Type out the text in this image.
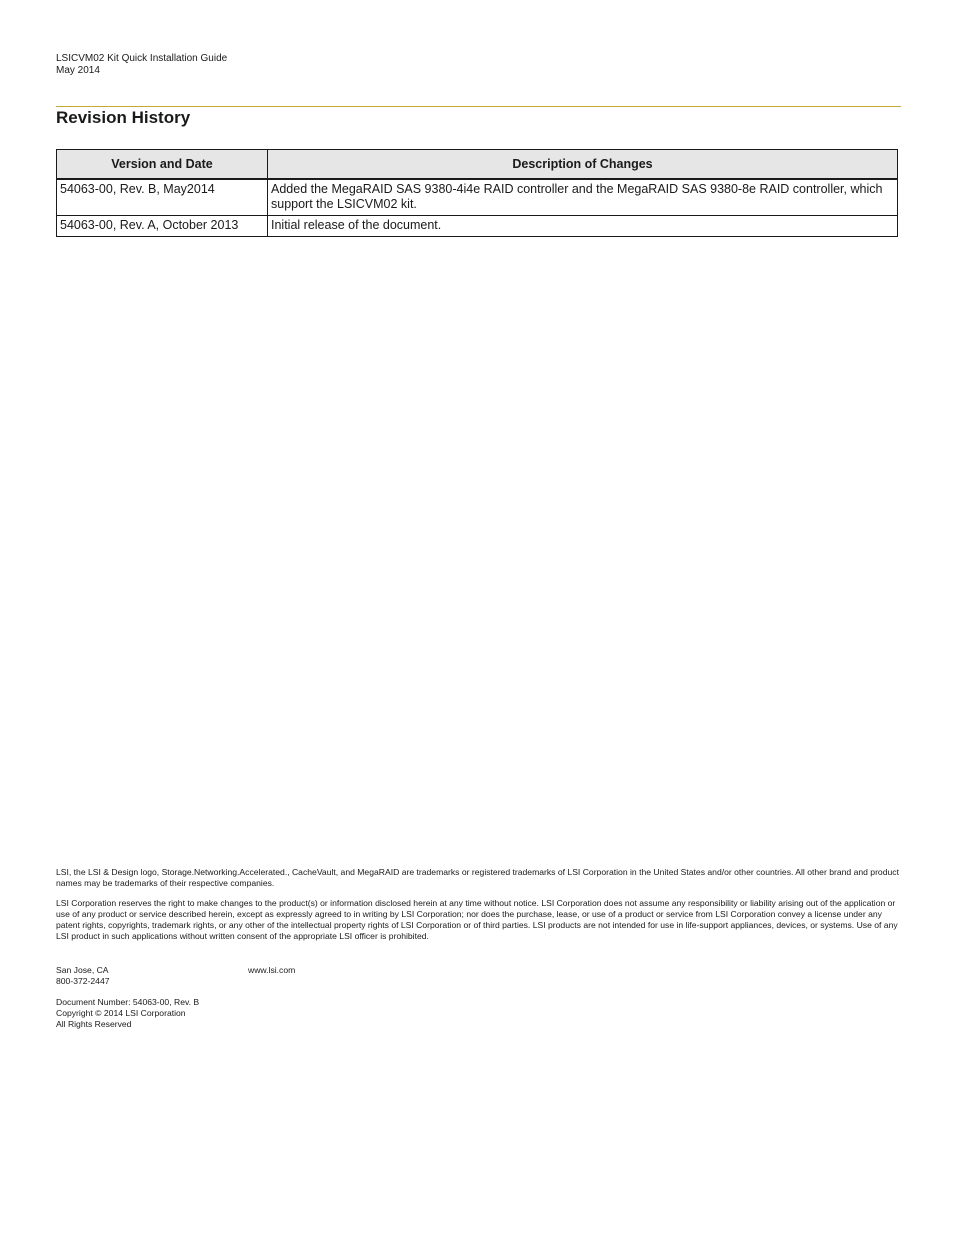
LSICVM02 Kit Quick Installation Guide
May 2014
Revision History
Version and Date	Description of Changes
54063-00, Rev. B, May2014	Added the MegaRAID SAS 9380-4i4e RAID controller and the MegaRAID SAS 9380-8e RAID controller, which support the LSICVM02 kit.
54063-00, Rev. A, October 2013	Initial release of the document.

LSI, the LSI & Design logo, Storage.Networking.Accelerated., CacheVault, and MegaRAID are trademarks or registered trademarks of LSI Corporation in the United States and/or other countries. All other brand and product names may be trademarks of their respective companies.

LSI Corporation reserves the right to make changes to the product(s) or information disclosed herein at any time without notice. LSI Corporation does not assume any responsibility or liability arising out of the application or use of any product or service described herein, except as expressly agreed to in writing by LSI Corporation; nor does the purchase, lease, or use of a product or service from LSI Corporation convey a license under any patent rights, copyrights, trademark rights, or any other of the intellectual property rights of LSI Corporation or of third parties. LSI products are not intended for use in life-support appliances, devices, or systems. Use of any LSI product in such applications without written consent of the appropriate LSI officer is prohibited.

San Jose, CA
800-372-2447
www.lsi.com
Document Number: 54063-00, Rev. B
Copyright © 2014 LSI Corporation
All Rights Reserved
